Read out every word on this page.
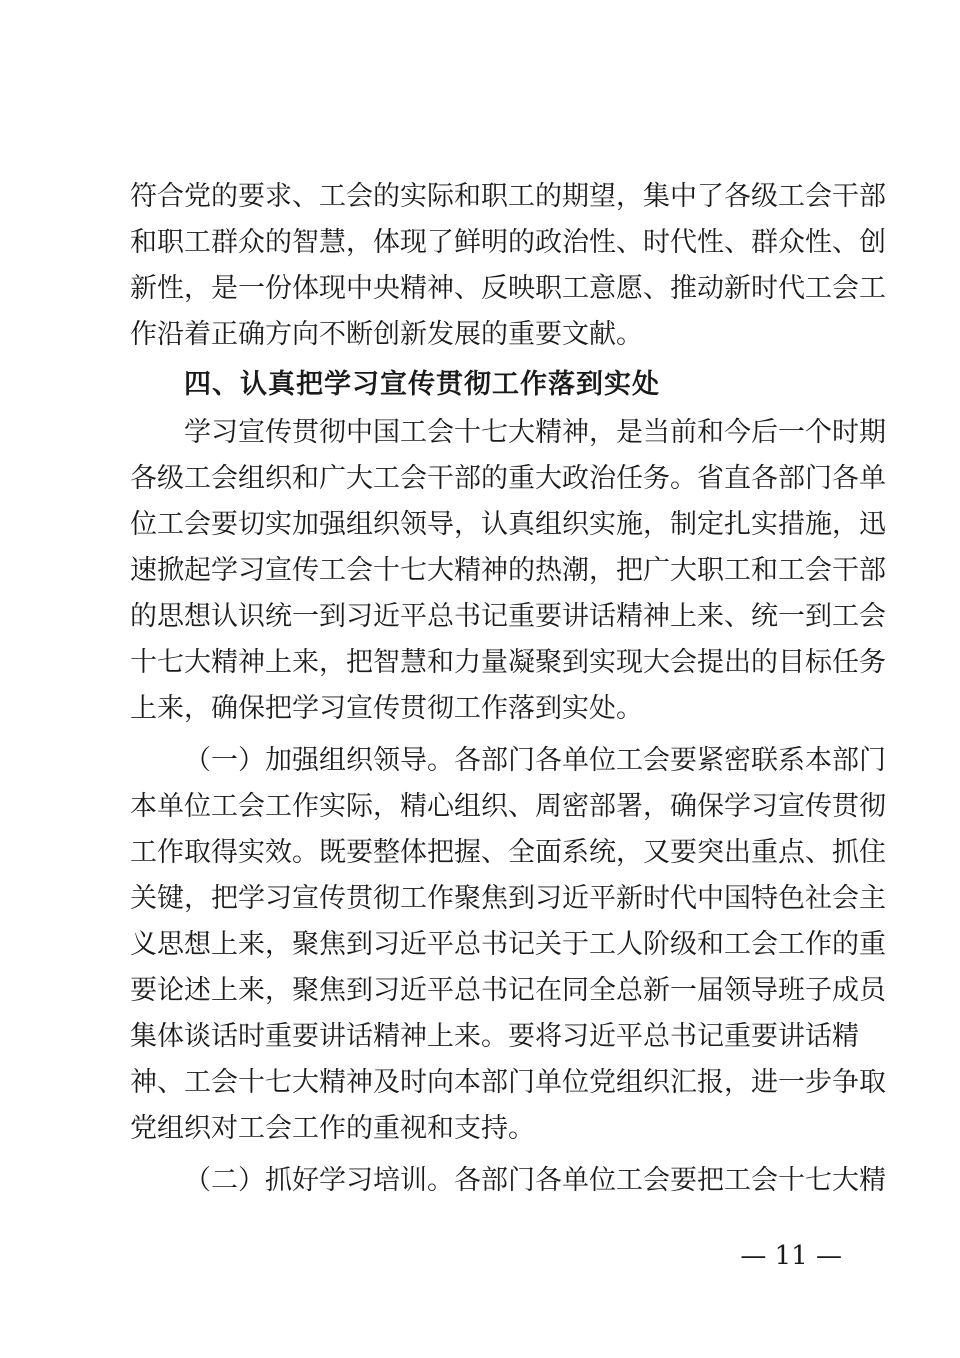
符合党的要求、工会的实际和职工的期望，集中了各级工会干部
和职工群众的智慧，体现了鲜明的政治性、时代性、群众性、创
新性，是一份体现中央精神、反映职工意愿、推动新时代工会工
作沿着正确方向不断创新发展的重要文献。
四、认真把学习宣传贯彻工作落到实处
学习宣传贯彻中国工会十七大精神，是当前和今后一个时期
各级工会组织和广大工会干部的重大政治任务。省直各部门各单
位工会要切实加强组织领导，认真组织实施，制定扎实措施，迅
速掀起学习宣传工会十七大精神的热潮，把广大职工和工会干部
的思想认识统一到习近平总书记重要讲话精神上来、统一到工会
十七大精神上来，把智慧和力量凝聚到实现大会提出的目标任务
上来，确保把学习宣传贯彻工作落到实处。
（一）加强组织领导。各部门各单位工会要紧密联系本部门
本单位工会工作实际，精心组织、周密部署，确保学习宣传贯彻
工作取得实效。既要整体把握、全面系统，又要突出重点、抓住
关键，把学习宣传贯彻工作聚焦到习近平新时代中国特色社会主
义思想上来，聚焦到习近平总书记关于工人阶级和工会工作的重
要论述上来，聚焦到习近平总书记在同全总新一届领导班子成员
集体谈话时重要讲话精神上来。要将习近平总书记重要讲话精
神、工会十七大精神及时向本部门单位党组织汇报，进一步争取
党组织对工会工作的重视和支持。
（二）抓好学习培训。各部门各单位工会要把工会十七大精
— 11 —
